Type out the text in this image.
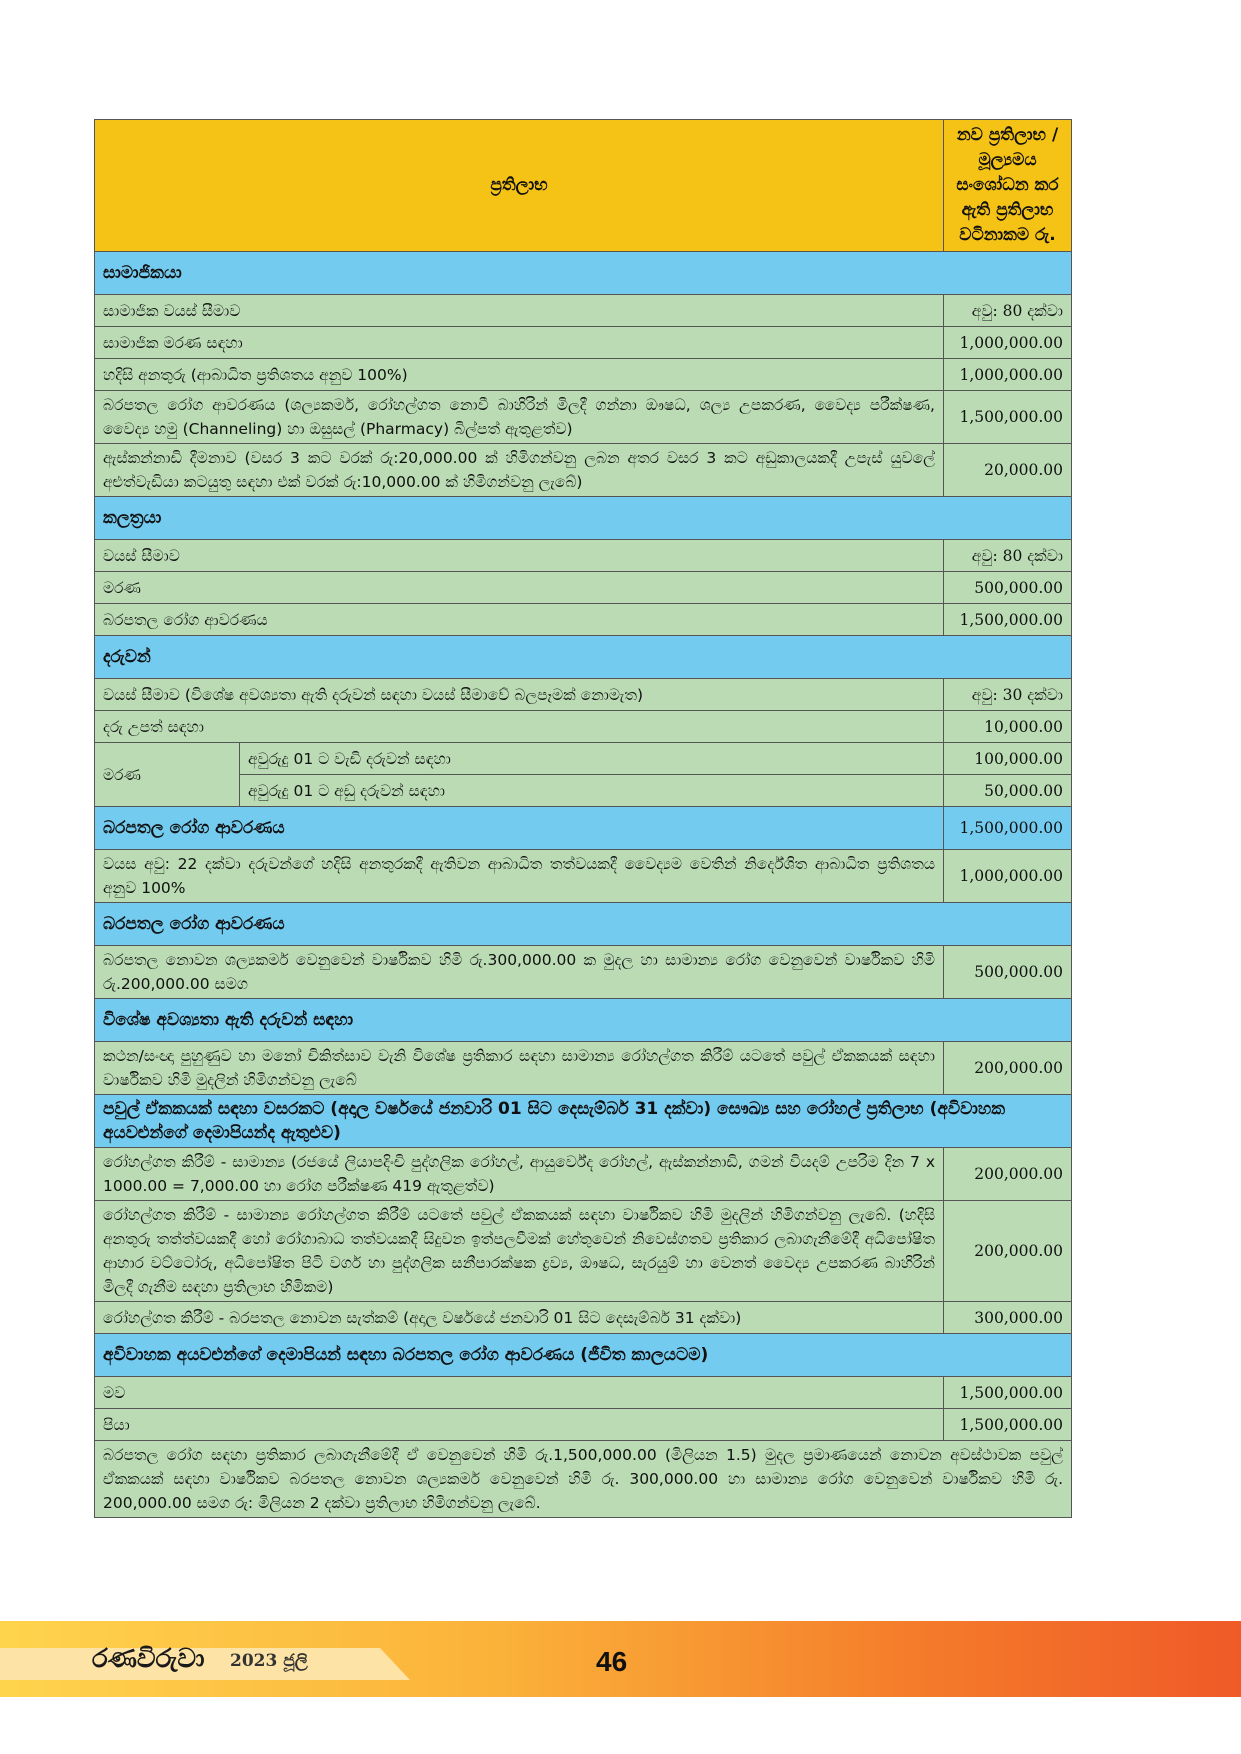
ප්‍රතිලාභ		නව ප්‍රතිලාභ /මූල්‍යමය සංශෝධන කර ඇති ප්‍රතිලාභ වටිනාකම රු.
සාමාජිකයා		
සාමාජික වයස් සීමාව		අවු: 80 දක්වා
සාමාජික මරණ සඳහා		1,000,000.00
හදිසි අනතුරු (ආබාධිත ප්‍රතිශතය අනුව 100%)		1,000,000.00
බරපතල රෝග ආවරණය (ශල්‍යකර්ම, රෝහල්ගත නොවී බාහිරින් මිලදී ගන්නා ඖෂධ, ශල්‍ය උපකරණ, වෛද්‍ය පරීක්ෂණ, වෛද්‍ය හමු (Channeling) හා ඔසුසල් (Pharmacy) බිල්පත් ඇතුළත්ව)		1,500,000.00
ඇස්කන්නාඩි දීමනාව (වසර 3 කට වරක් රු:20,000.00 ක් හිමිගන්වනු ලබන අතර වසර 3 කට අඩුකාලයකදී උපැස් යුවලේ අළුත්වැඩියා කටයුතු සඳහා එක් වරක් රු:10,000.00 ක් හිමිගන්වනු ලැබේ)		20,000.00
කලත්‍රයා		
වයස් සීමාව		අවු: 80 දක්වා
මරණ		500,000.00
බරපතල රෝග ආවරණය		1,500,000.00
දරුවන්		
වයස් සීමාව (විශේෂ අවශ්‍යතා ඇති දරුවන් සඳහා වයස් සීමාවේ බලපෑමක් නොමැත)		අවු: 30 දක්වා
දරු උපත් සඳහා		10,000.00
මරණ	අවුරුදු 01 ට වැඩි දරුවන් සඳහා	100,000.00
	අවුරුදු 01 ට අඩු දරුවන් සඳහා	50,000.00
බරපතල රෝග ආවරණය		1,500,000.00
වයස අවු: 22 දක්වා දරුවන්ගේ හදිසි අනතුරකදී ඇතිවන ආබාධිත තත්වයකදී වෛද්‍යම වෙතින් නිර්දේශිත ආබාධිත ප්‍රතිශතය අනුව 100%		1,000,000.00
බරපතල රෝග ආවරණය		
බරපතල නොවන ශල්‍යකර්ම වෙනුවෙන් වාර්ෂිකව හිමි රු.300,000.00 ක මුදල හා සාමාන්‍ය රෝග වෙනුවෙන් වාර්ෂිකව හිමි රු.200,000.00 සමග		500,000.00
විශේෂ අවශ්‍යතා ඇති දරුවන් සඳහා		
කථන/සංඥා පුහුණුව හා මනෝ චිකිත්සාව වැනි විශේෂ ප්‍රතිකාර සඳහා සාමාන්‍ය රෝහල්ගත කිරීම් යටතේ පවුල් ඒකකයක් සඳහා වාර්ෂිකව හිමි මුදලින් හිමිගන්වනු ලැබේ		200,000.00
පවුල් ඒකකයක් සඳහා වසරකට (අදාල වර්ෂයේ ජනවාරි 01 සිට දෙසැම්බර් 31 දක්වා) සෞඛ්‍ය සහ රෝහල් ප්‍රතිලාභ (අවිවාහක අයවළුන්ගේ දෙමාපියන්ද ඇතුළුව)		
රෝහල්ගත කිරීම් - සාමාන්‍ය (රජයේ ලියාපදිංචි පුද්ගලික රෝහල්, ආයුර්වේද රෝහල්, ඇස්කන්නාඩි, ගමන් වියදම් උපරිම දින 7 x 1000.00 = 7,000.00 හා රෝග පරීක්ෂණ 419 ඇතුළත්ව)		200,000.00
රෝහල්ගත කිරීම් - සාමාන්‍ය රෝහල්ගත කිරීම් යටතේ පවුල් ඒකකයක් සඳහා වාර්ෂිකව හිමි මුදලින් හිමිගන්වනු ලැබේ. (හදිසි අනතුරු තත්ත්වයකදී හෝ රෝගාබාධ තත්වයකදී සිදුවන ඉත්පලවීමක් හේතුවෙන් නිවෙස්ගතව ප්‍රතිකාර ලබාගැනීමේදී අධිපෝෂිත ආහාර වට්ටෝරු, අධිපෝෂිත පිටි වර්ග හා පුද්ගලික සනීපාරක්ෂක ද්‍රව්‍ය, ඖෂධ, සැරයුම් හා වෙනත් වෛද්‍ය උපකරණ බාහිරින් මිලදී ගැනීම සඳහා ප්‍රතිලාභ හිමිකම)		200,000.00
රෝහල්ගත කිරීම් - බරපතල නොවන සැත්කම් (අදාල වර්ෂයේ ජනවාරි 01 සිට දෙසැම්බර් 31 දක්වා)		300,000.00
අවිවාහක අයවළුන්ගේ දෙමාපියන් සඳහා බරපතල රෝග ආවරණය (ජීවිත කාලයටම)		
මව		1,500,000.00
පියා		1,500,000.00
බරපතල රෝග සඳහා ප්‍රතිකාර ලබාගැනීමේදී ඒ වෙනුවෙන් හිමි රු.1,500,000.00 (මිලියන 1.5) මුදල ප්‍රමාණයෙන් නොවන අවස්ථාවක පවුල් ඒකකයක් සඳහා වාර්ෂිකව බරපතල නොවන ශල්‍යකර්ම වෙනුවෙන් හිමි රු. 300,000.00 හා සාමාන්‍ය රෝග වෙනුවෙන් වාර්ෂිකව හිමි රු. 200,000.00 සමග රු: මිලියන 2 දක්වා ප්‍රතිලාභ හිමිගන්වනු ලැබේ.		
රණවිරුවා 2023 ජූලි	46
